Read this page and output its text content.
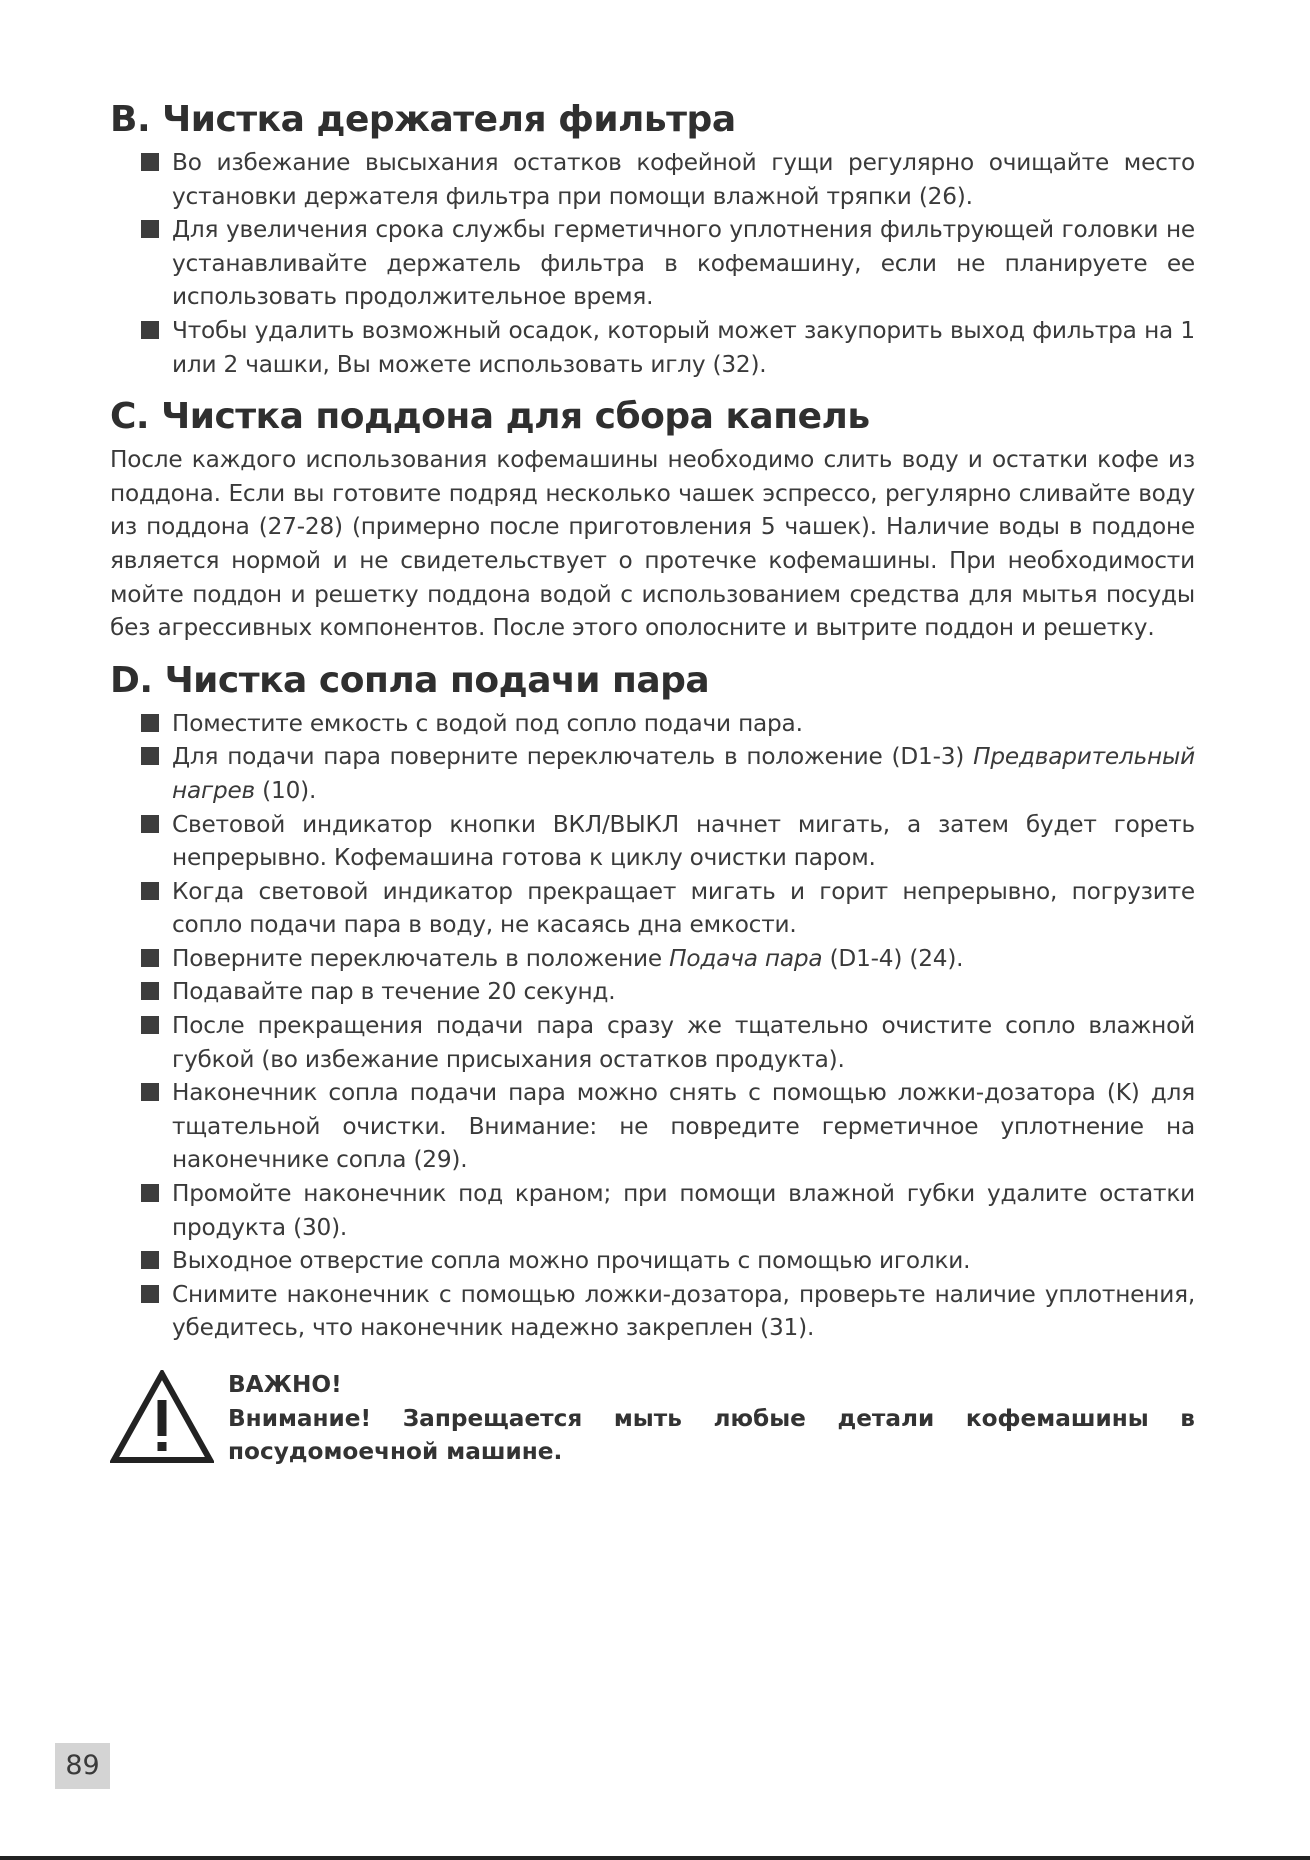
B. Чистка держателя фильтра
Во избежание высыхания остатков кофейной гущи регулярно очищайте место установки держателя фильтра при помощи влажной тряпки (26).
Для увеличения срока службы герметичного уплотнения фильтрующей головки не устанавливайте держатель фильтра в кофемашину, если не планируете ее использовать продолжительное время.
Чтобы удалить возможный осадок, который может закупорить выход фильтра на 1 или 2 чашки, Вы можете использовать иглу (32).
C. Чистка поддона для сбора капель

После каждого использования кофемашины необходимо слить воду и остатки кофе из поддона. Если вы готовите подряд несколько чашек эспрессо, регулярно сливайте воду из поддона (27-28) (примерно после приготовления 5 чашек). Наличие воды в поддоне является нормой и не свидетельствует о протечке кофемашины. При необходимости мойте поддон и решетку поддона водой с использованием средства для мытья посуды без агрессивных компонентов. После этого ополосните и вытрите поддон и решетку.

D. Чистка сопла подачи пара
Поместите емкость с водой под сопло подачи пара.
Для подачи пара поверните переключатель в положение (D1-3) Предварительный нагрев (10).
Световой индикатор кнопки ВКЛ/ВЫКЛ начнет мигать, а затем будет гореть непрерывно. Кофемашина готова к циклу очистки паром.
Когда световой индикатор прекращает мигать и горит непрерывно, погрузите сопло подачи пара в воду, не касаясь дна емкости.
Поверните переключатель в положение Подача пара (D1-4) (24).
Подавайте пар в течение 20 секунд.
После прекращения подачи пара сразу же тщательно очистите сопло влажной губкой (во избежание присыхания остатков продукта).
Наконечник сопла подачи пара можно снять с помощью ложки-дозатора (K) для тщательной очистки. Внимание: не повредите герметичное уплотнение на наконечнике сопла (29).
Промойте наконечник под краном; при помощи влажной губки удалите остатки продукта (30).
Выходное отверстие сопла можно прочищать с помощью иголки.
Снимите наконечник с помощью ложки-дозатора, проверьте наличие уплотнения, убедитесь, что наконечник надежно закреплен (31).
ВАЖНО!
Внимание! Запрещается мыть любые детали кофемашины в
посудомоечной машине.
89
